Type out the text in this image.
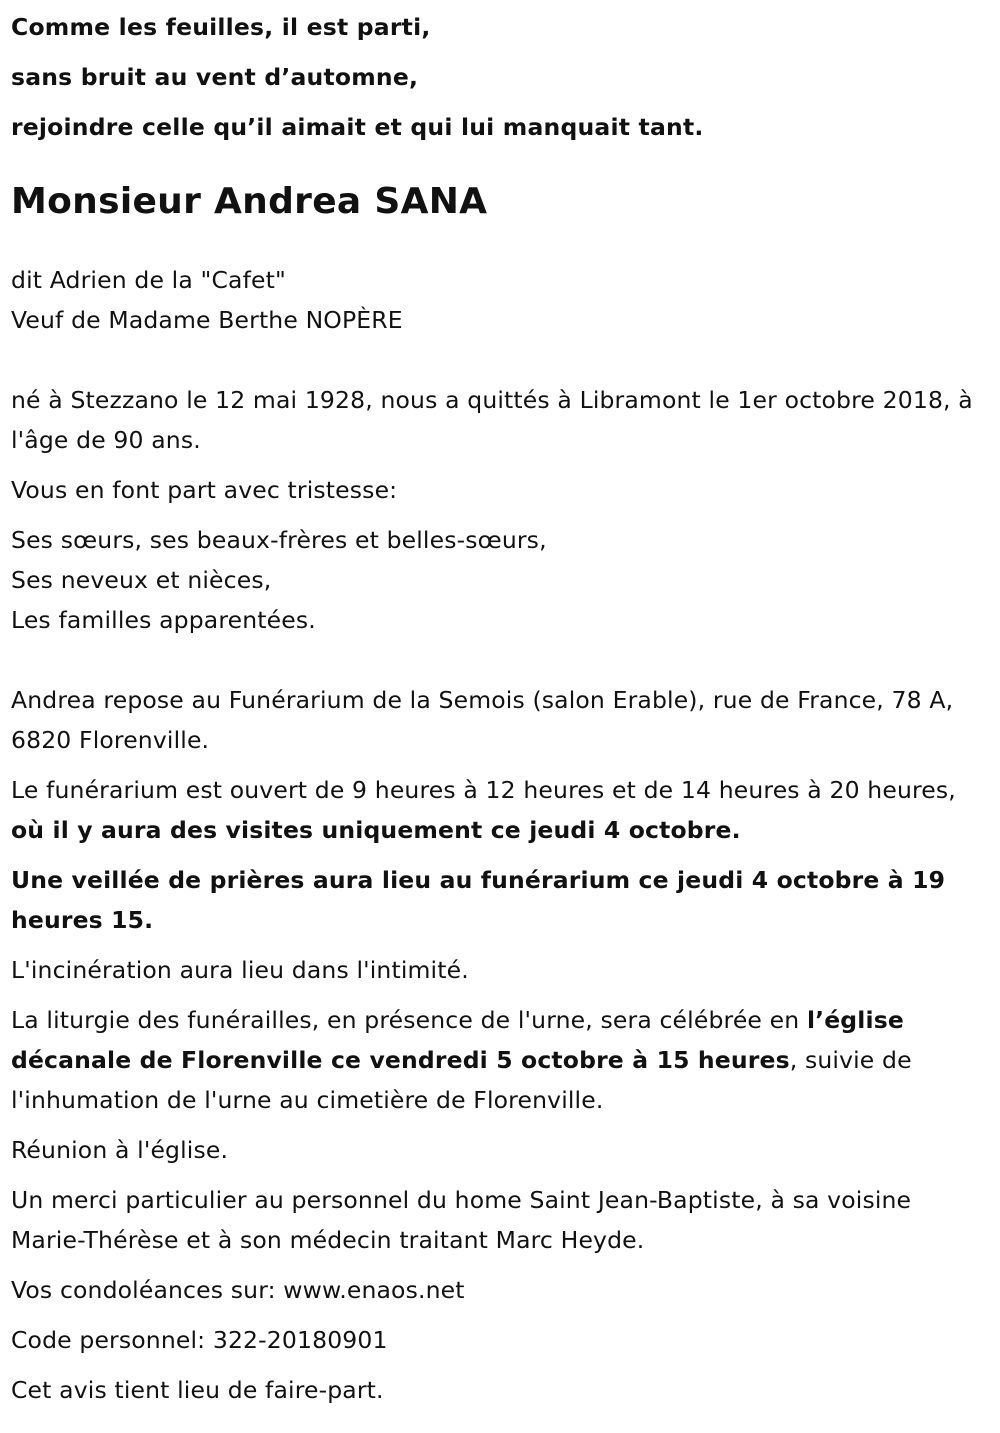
Comme les feuilles, il est parti,

sans bruit au vent d’automne,

rejoindre celle qu’il aimait et qui lui manquait tant.

Monsieur Andrea SANA

dit Adrien de la "Cafet"

Veuf de Madame Berthe NOPÈRE

né à Stezzano le 12 mai 1928, nous a quittés à Libramont le 1er octobre 2018, à l'âge de 90 ans.

Vous en font part avec tristesse:

Ses sœurs, ses beaux-frères et belles-sœurs,

Ses neveux et nièces,

Les familles apparentées.

Andrea repose au Funérarium de la Semois (salon Erable), rue de France, 78 A, 6820 Florenville.

Le funérarium est ouvert de 9 heures à 12 heures et de 14 heures à 20 heures, où il y aura des visites uniquement ce jeudi 4 octobre.

Une veillée de prières aura lieu au funérarium ce jeudi 4 octobre à 19 heures 15.

L'incinération aura lieu dans l'intimité.

La liturgie des funérailles, en présence de l'urne, sera célébrée en l’église décanale de Florenville ce vendredi 5 octobre à 15 heures, suivie de l'inhumation de l'urne au cimetière de Florenville.

Réunion à l'église.

Un merci particulier au personnel du home Saint Jean-Baptiste, à sa voisine Marie-Thérèse et à son médecin traitant Marc Heyde.

Vos condoléances sur: www.enaos.net

Code personnel: 322-20180901

Cet avis tient lieu de faire-part.
